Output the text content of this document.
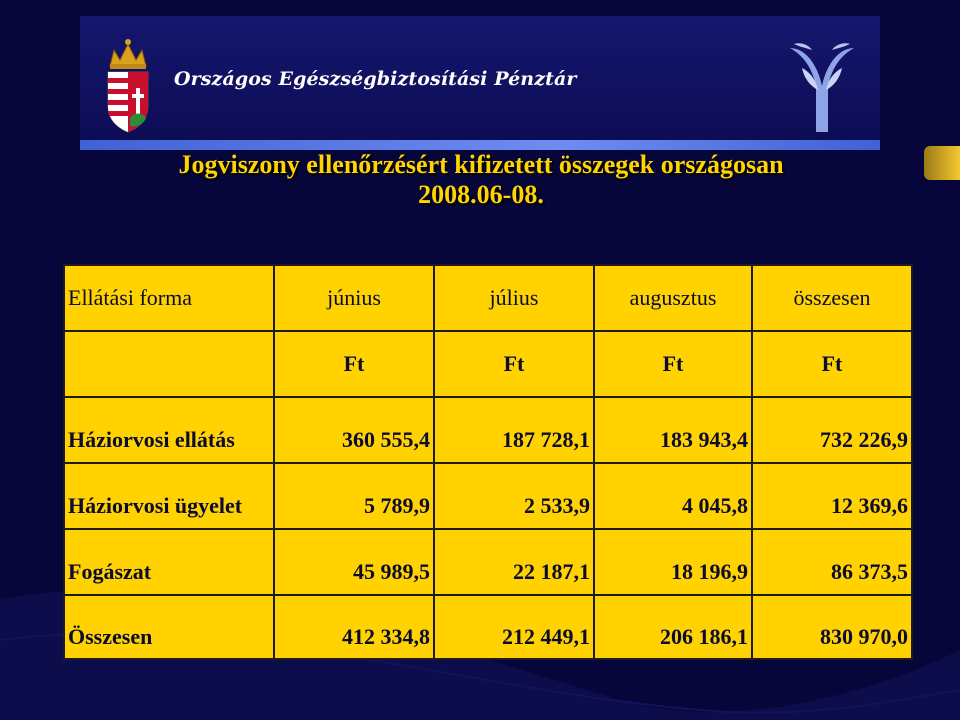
Országos Egészségbiztosítási Pénztár
Jogviszony ellenőrzésért kifizetett összegek országosan
2008.06-08.
Ellátási forma	június	július	augusztus	összesen
	Ft	Ft	Ft	Ft
Háziorvosi ellátás	360 555,4	187 728,1	183 943,4	732 226,9
Háziorvosi ügyelet	5 789,9	2 533,9	4 045,8	12 369,6
Fogászat	45 989,5	22 187,1	18 196,9	86 373,5
Összesen	412 334,8	212 449,1	206 186,1	830 970,0
